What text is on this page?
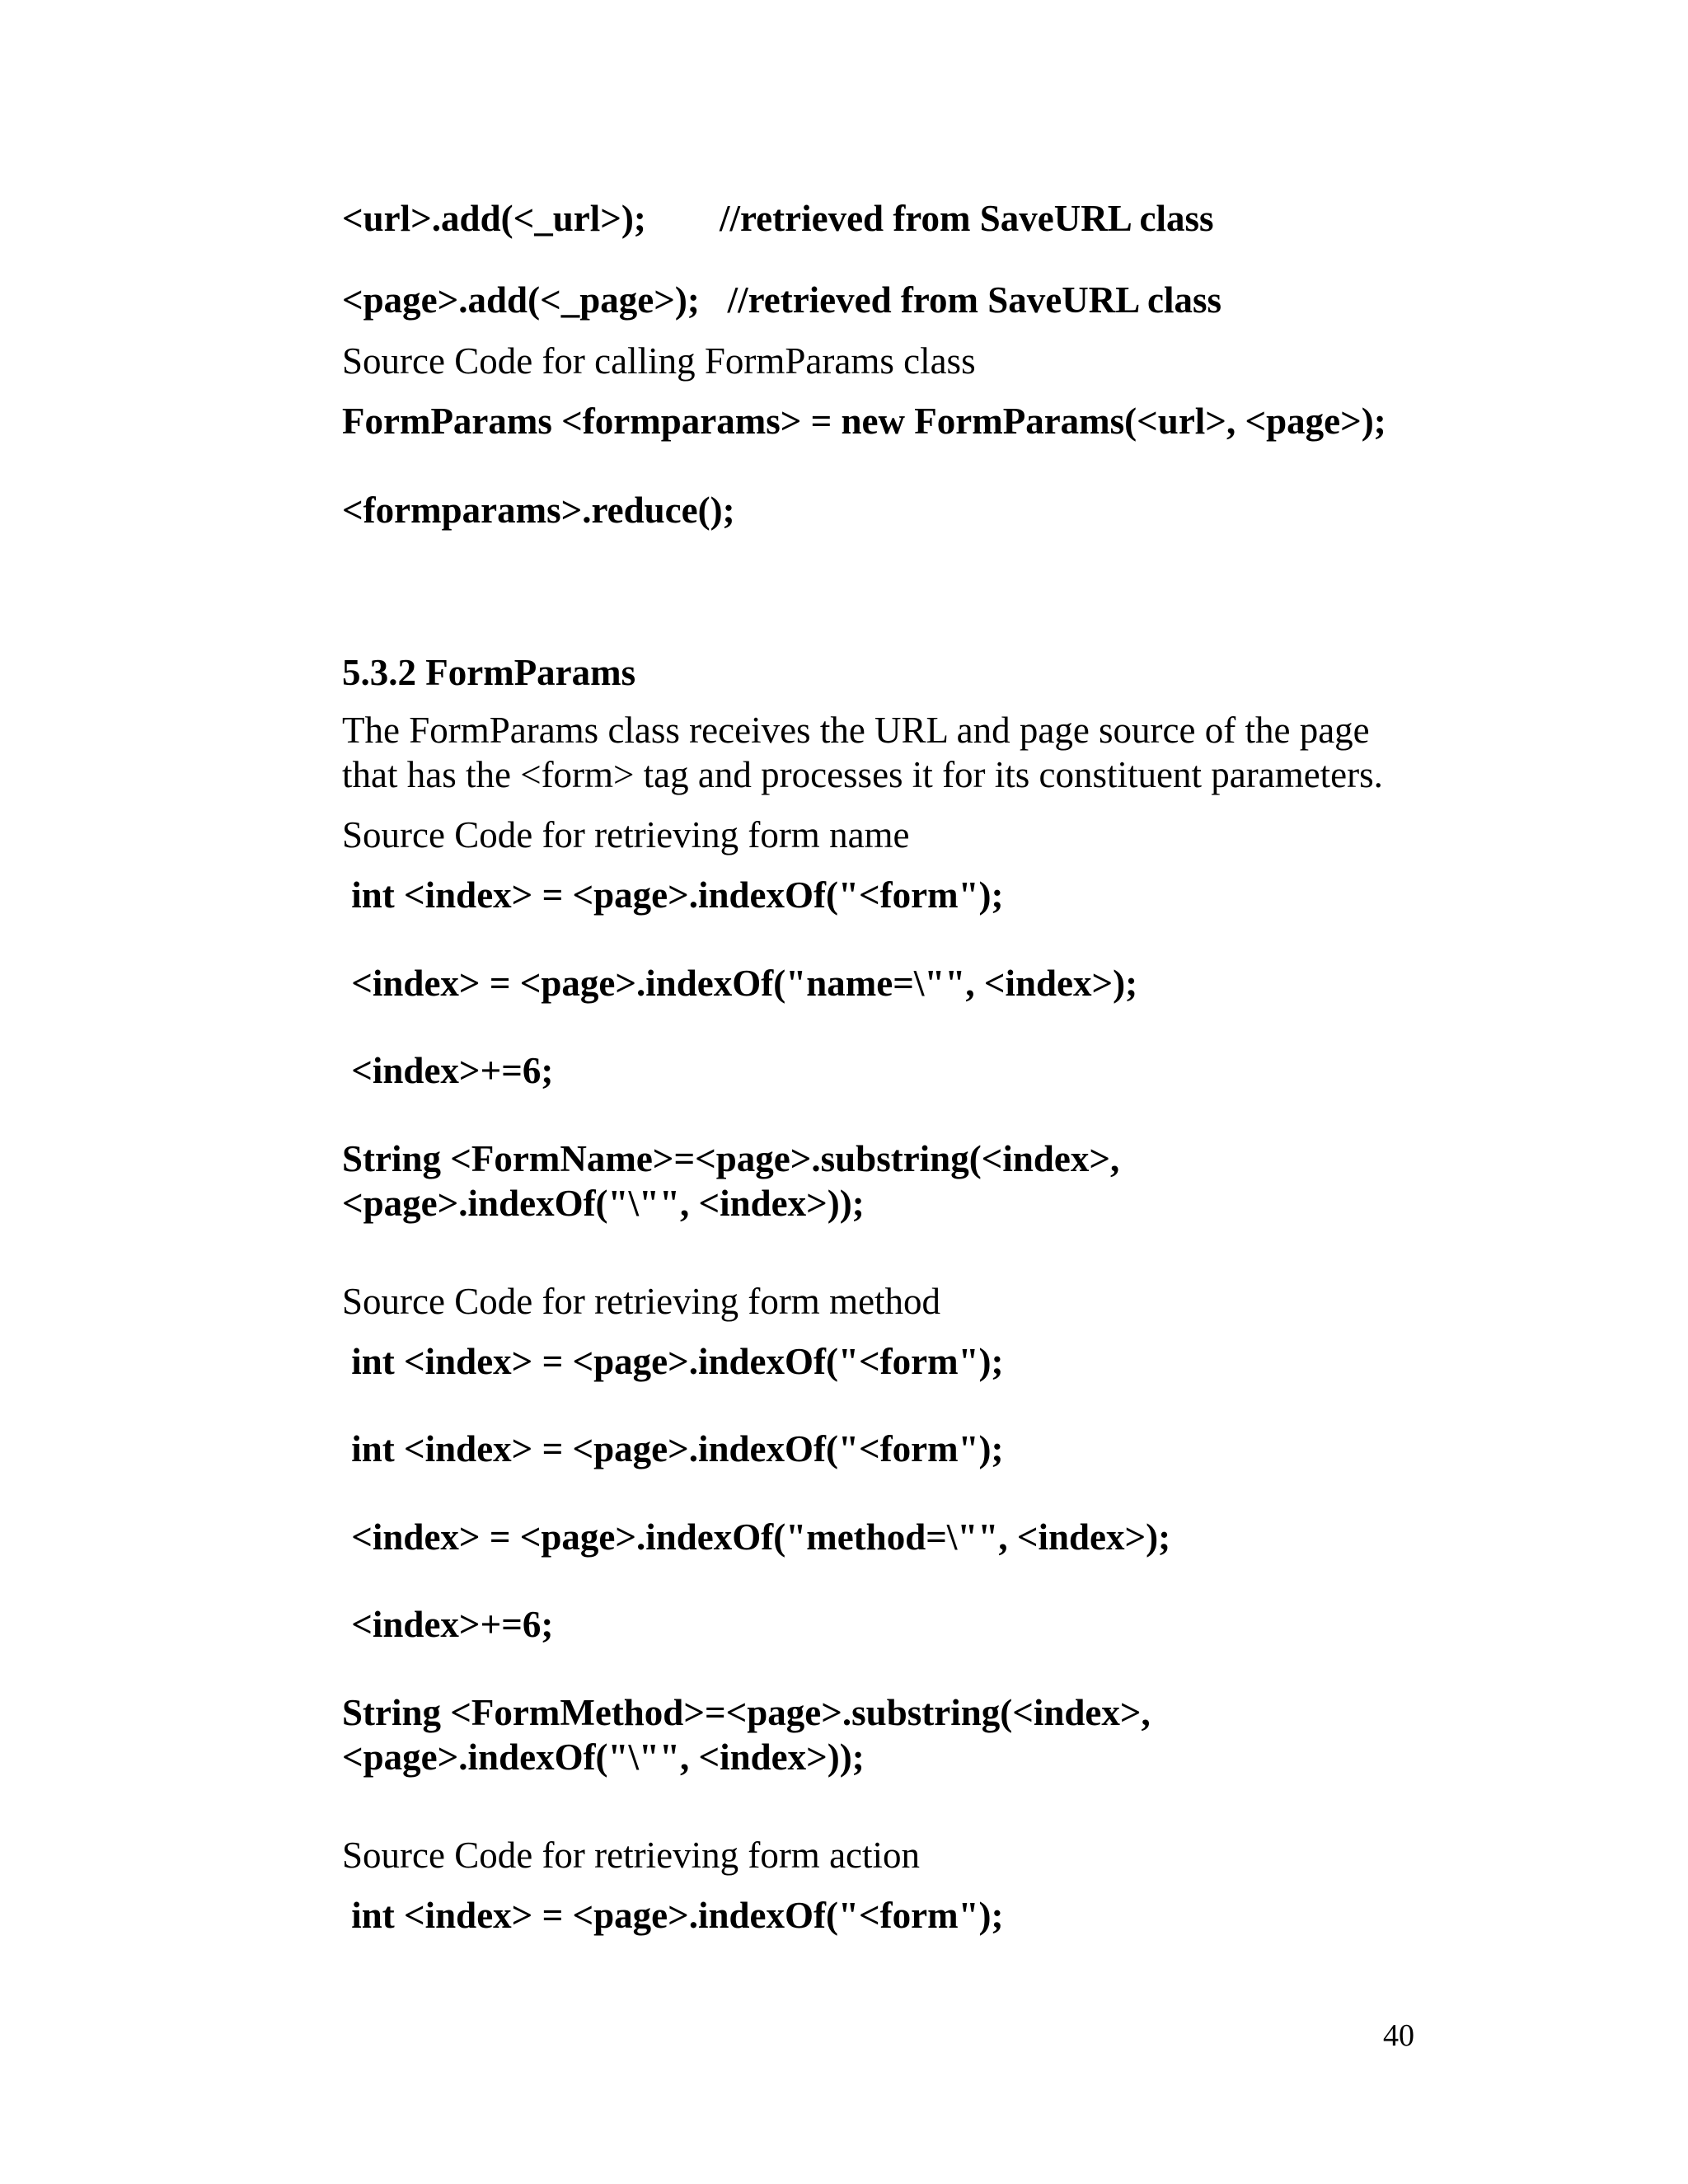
<url>.add(<_url>); //retrieved from SaveURL class
<page>.add(<_page>);   //retrieved from SaveURL class
Source Code for calling FormParams class
FormParams <formparams> = new FormParams(<url>, <page>);
<formparams>.reduce();
5.3.2 FormParams
The FormParams class receives the URL and page source of the page
that has the <form> tag and processes it for its constituent parameters.
Source Code for retrieving form name
int <index> = <page>.indexOf("<form");
<index> = <page>.indexOf("name=\"", <index>);
<index>+=6;
String <FormName>=<page>.substring(<index>,
<page>.indexOf("\"", <index>));
Source Code for retrieving form method
int <index> = <page>.indexOf("<form");
int <index> = <page>.indexOf("<form");
<index> = <page>.indexOf("method=\"", <index>);
<index>+=6;
String <FormMethod>=<page>.substring(<index>,
<page>.indexOf("\"", <index>));
Source Code for retrieving form action
int <index> = <page>.indexOf("<form");
40
